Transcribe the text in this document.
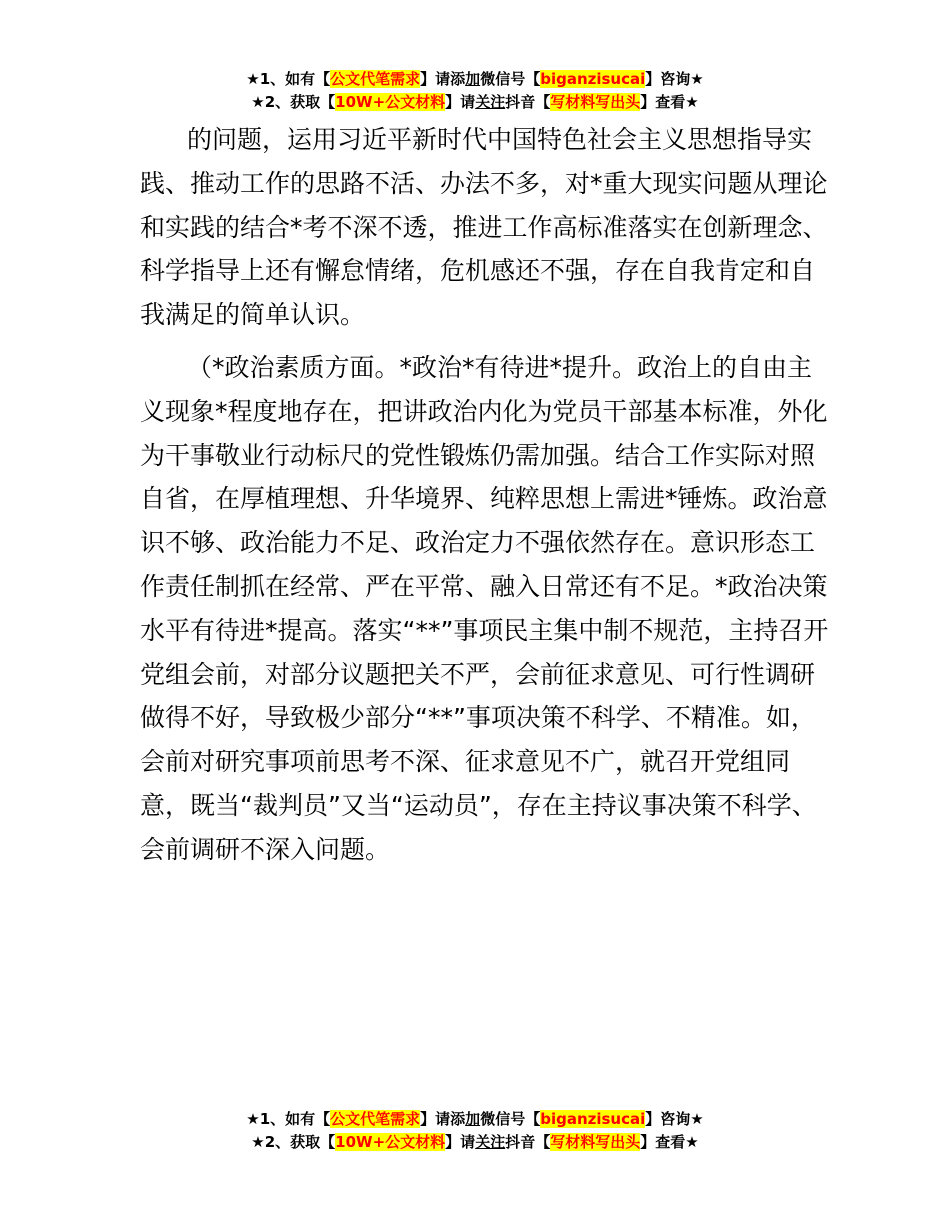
★1、如有【公文代笔需求】请添加微信号【biganzisucai】咨询★
★2、获取【10W+公文材料】请关注抖音【写材料写出头】查看★

的问题，运用习近平新时代中国特色社会主义思想指导实践、推动工作的思路不活、办法不多，对*重大现实问题从理论和实践的结合*考不深不透，推进工作高标准落实在创新理念、科学指导上还有懈怠情绪，危机感还不强，存在自我肯定和自我满足的简单认识。

（*政治素质方面。*政治*有待进*提升。政治上的自由主义现象*程度地存在，把讲政治内化为党员干部基本标准，外化为干事敬业行动标尺的党性锻炼仍需加强。结合工作实际对照自省，在厚植理想、升华境界、纯粹思想上需进*锤炼。政治意识不够、政治能力不足、政治定力不强依然存在。意识形态工作责任制抓在经常、严在平常、融入日常还有不足。*政治决策水平有待进*提高。落实“**”事项民主集中制不规范，主持召开党组会前，对部分议题把关不严，会前征求意见、可行性调研做得不好，导致极少部分“**”事项决策不科学、不精准。如，会前对研究事项前思考不深、征求意见不广，就召开党组同意，既当“裁判员”又当“运动员”，存在主持议事决策不科学、会前调研不深入问题。

★1、如有【公文代笔需求】请添加微信号【biganzisucai】咨询★
★2、获取【10W+公文材料】请关注抖音【写材料写出头】查看★
